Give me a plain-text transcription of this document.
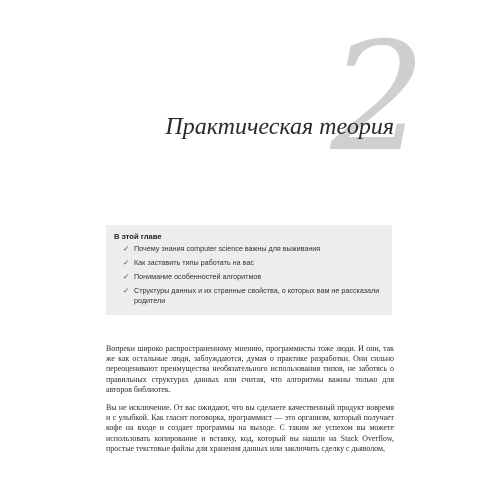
2
Практическая теория
В этой главе
✓ Почему знания computer science важны для выживания
✓ Как заставить типы работать на вас
✓ Понимание особенностей алгоритмов
✓ Структуры данных и их странные свойства, о которых вам не рассказали родители

Вопреки широко распространенному мнению, программисты тоже люди. И они, так же как остальные люди, заблуждаются, думая о практике разработки. Они сильно переоценивают преимущества необязательного использования типов, не заботясь о правильных структурах данных или считая, что алгоритмы важны только для авторов библиотек.

Вы не исключение. От вас ожидают, что вы сделаете качественный продукт вовремя и с улыбкой. Как гласит поговорка, программист — это организм, который получает кофе на входе и создает программы на выходе. С таким же успехом вы можете использовать копирование и вставку, код, который вы нашли на Stack Overflow, простые текстовые файлы для хранения данных или заключить сделку с дьяволом,
